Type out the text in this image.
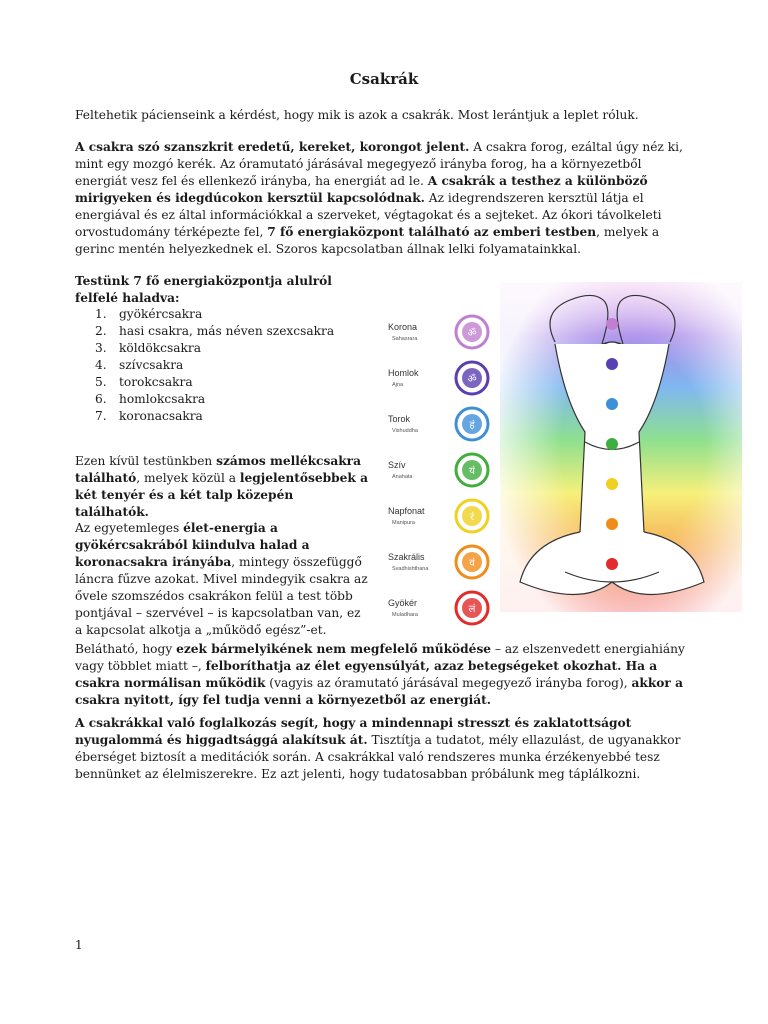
Csakrák

Feltehetik pácienseink a kérdést, hogy mik is azok a csakrák. Most lerántjuk a leplet róluk.

A csakra szó szanszkrit eredetű, kereket, korongot jelent. A csakra forog, ezáltal úgy néz ki, mint egy mozgó kerék. Az óramutató járásával megegyező irányba forog, ha a környezetből energiát vesz fel és ellenkező irányba, ha energiát ad le. A csakrák a testhez a különböző mirigyeken és idegdúcokon kersztül kapcsolódnak. Az idegrendszeren kersztül látja el energiával és ez által információkkal a szerveket, végtagokat és a sejteket. Az ókori távolkeleti orvostudomány térképezte fel, 7 fő energiaközpont található az emberi testben, melyek a gerinc mentén helyezkednek el. Szoros kapcsolatban állnak lelki folyamatainkkal.

Testünk 7 fő energiaközpontja alulról felfelé haladva:
1.	gyökércsakra
2.	hasi csakra, más néven szexcsakra
3.	köldökcsakra
4.	szívcsakra
5.	torokcsakra
6.	homlokcsakra
7.	koronacsakra

Ezen kívül testünkben számos mellékcsakra található, melyek közül a legjelentősebbek a két tenyér és a két talp közepén találhatók.

Az egyetemleges élet-energia a gyökércsakrából kiindulva halad a koronacsakra irányába, mintegy összefüggő láncra fűzve azokat. Mivel mindegyik csakra az ővele szomszédos csakrákon felül a test több pontjával – szervével – is kapcsolatban van, ez a kapcsolat alkotja a „működő egész”-et.

Korona
Sahasrara	ॐ
Homlok
Ajna	ॐ
Torok
Vishuddha	हं
Szív
Anahata	यं
Napfonat
Manipura	रं
Szakrális
Svadhishthana	वं
Gyökér
Muladhara	लं

Belátható, hogy ezek bármelyikének nem megfelelő működése – az elszenvedett energiahiány vagy többlet miatt –, felboríthatja az élet egyensúlyát, azaz betegségeket okozhat. Ha a csakra normálisan működik (vagyis az óramutató járásával megegyező irányba forog), akkor a csakra nyitott, így fel tudja venni a környezetből az energiát.

A csakrákkal való foglalkozás segít, hogy a mindennapi stresszt és zaklatottságot nyugalommá és higgadtsággá alakítsuk át. Tisztítja a tudatot, mély ellazulást, de ugyanakkor éberséget biztosít a meditációk során. A csakrákkal való rendszeres munka érzékenyebbé tesz bennünket az élelmiszerekre. Ez azt jelenti, hogy tudatosabban próbálunk meg táplálkozni.

1
